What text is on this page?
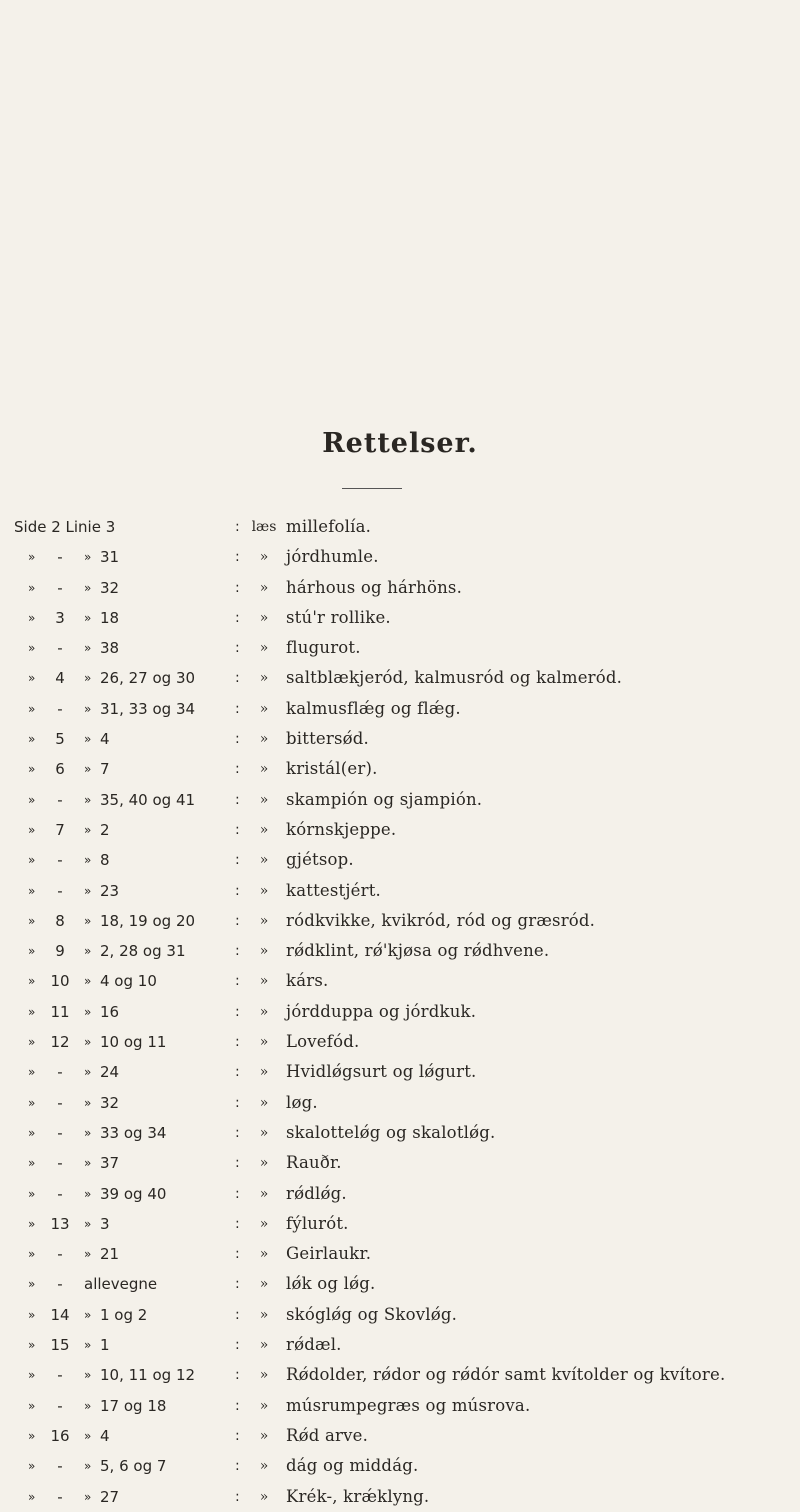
Rettelser.
Side 2 Linie 3	: læs millefolía.
»	-	» 31	:	»	jórdhumle.
»	-	» 32	:	»	hárhous og hárhöns.
»	3	» 18	:	»	stú'r rollike.
»	-	» 38	:	»	flugurot.
»	4	» 26, 27 og 30	:	»	saltblækjeród, kalmusród og kalmeród.
»	-	» 31, 33 og 34	:	»	kalmusflǽg og flǽg.
»	5	» 4	:	»	bittersǿd.
»	6	» 7	:	»	kristál(er).
»	-	» 35, 40 og 41	:	»	skampión og sjampión.
»	7	» 2	:	»	kórnskjeppe.
»	-	» 8	:	»	gjétsop.
»	-	» 23	:	»	kattestjért.
»	8	» 18, 19 og 20	:	»	ródkvikke, kvikród, ród og græsród.
»	9	» 2, 28 og 31	:	»	rǿdklint, rǿ'kjøsa og rǿdhvene.
» 10	» 4 og 10	:	»	kárs.
» 11	» 16	:	»	jórdduppa og jórdkuk.
» 12	» 10 og 11	:	»	Lovefód.
»	-	» 24	:	»	Hvidlǿgsurt og lǿgurt.
»	-	» 32	:	»	løg.
»	-	» 33 og 34	:	»	skalottelǿg og skalotlǿg.
»	-	» 37	:	»	Rauðr.
»	-	» 39 og 40	:	»	rǿdlǿg.
» 13	» 3	:	»	fýlurót.
»	-	» 21	:	»	Geirlaukr.
»	-	allevegne	:	»	lǿk og lǿg.
» 14	» 1 og 2	:	»	skóglǿg og Skovlǿg.
» 15	» 1	:	»	rǿdæl.
»	-	» 10, 11 og 12	:	»	Rǿdolder, rǿdor og rǿdór samt kvítolder og kvítore.
»	-	» 17 og 18	:	»	músrumpegræs og músrova.
» 16	» 4	:	»	Rǿd arve.
»	-	» 5, 6 og 7	:	»	dág og middág.
»	-	» 27	:	»	Krék-, krǽklyng.
